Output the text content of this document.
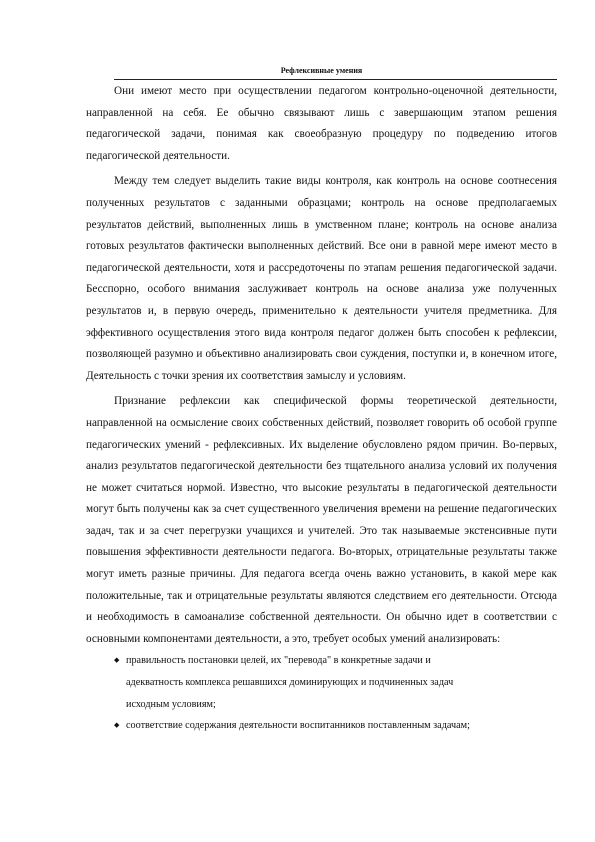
Рефлексивные умения

Они имеют место при осуществлении педагогом контрольно-оценочной деятельности, направленной на себя. Ее обычно связывают лишь с завершающим этапом решения педагогической задачи, понимая как своеобразную процедуру по подведению итогов педагогической деятельности.

Между тем следует выделить такие виды контроля, как контроль на основе соотнесения полученных результатов с заданными образцами; контроль на основе предполагаемых результатов действий, выполненных лишь в умственном плане; контроль на основе анализа готовых результатов фактически выполненных действий. Все они в равной мере имеют место в педагогической деятельности, хотя и рассредоточены по этапам решения педагогической задачи. Бесспорно, особого внимания заслуживает контроль на основе анализа уже полученных результатов и, в первую очередь, применительно к деятельности учителя предметника. Для эффективного осуществления этого вида контроля педагог должен быть способен к рефлексии, позволяющей разумно и объективно анализировать свои суждения, поступки и, в конечном итоге, Деятельность с точки зрения их соответствия замыслу и условиям.

Признание рефлексии как специфической формы теоретической деятельности, направленной на осмысление своих собственных действий, позволяет говорить об особой группе педагогических умений - рефлексивных. Их выделение обусловлено рядом причин. Во-первых, анализ результатов педагогической деятельности без тщательного анализа условий их получения не может считаться нормой. Известно, что высокие результаты в педагогической деятельности могут быть получены как за счет существенного увеличения времени на решение педагогических задач, так и за счет перегрузки учащихся и учителей. Это так называемые экстенсивные пути повышения эффективности деятельности педагога. Во-вторых, отрицательные результаты также могут иметь разные причины. Для педагога всегда очень важно установить, в какой мере как положительные, так и отрицательные результаты являются следствием его деятельности. Отсюда и необходимость в самоанализе собственной деятельности. Он обычно идет в соответствии с основными компонентами деятельности, а это, требует особых умений анализировать:

◆ правильность постановки целей, их "перевода" в конкретные задачи и адекватность комплекса решавшихся доминирующих и подчиненных задач исходным условиям;
◆ соответствие содержания деятельности воспитанников поставленным задачам;
